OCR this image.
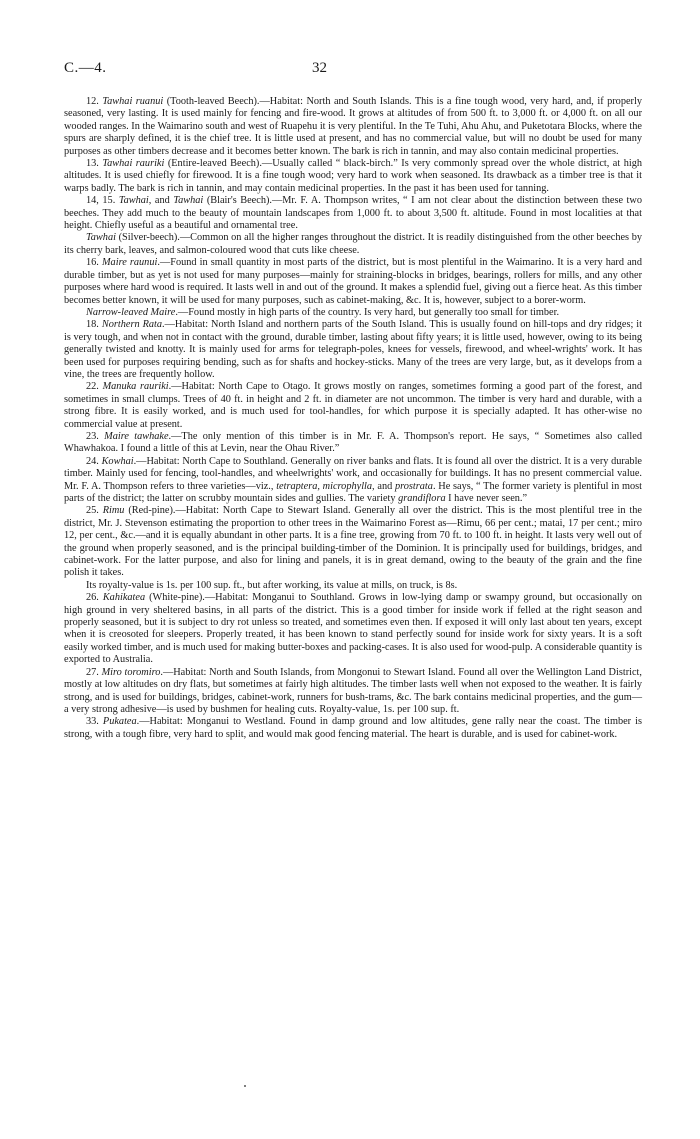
C.—4.	32

12. Tawhai ruanui (Tooth-leaved Beech).—Habitat: North and South Islands. This is a fine tough wood, very hard, and, if properly seasoned, very lasting. It is used mainly for fencing and fire-wood. It grows at altitudes of from 500 ft. to 3,000 ft. or 4,000 ft. on all our wooded ranges. In the Waimarino south and west of Ruapehu it is very plentiful. In the Te Tuhi, Ahu Ahu, and Puketotara Blocks, where the spurs are sharply defined, it is the chief tree. It is little used at present, and has no commercial value, but will no doubt be used for many purposes as other timbers decrease and it becomes better known. The bark is rich in tannin, and may also contain medicinal properties.

13. Tawhai rauriki (Entire-leaved Beech).—Usually called “ black-birch.” Is very commonly spread over the whole district, at high altitudes. It is used chiefly for firewood. It is a fine tough wood; very hard to work when seasoned. Its drawback as a timber tree is that it warps badly. The bark is rich in tannin, and may contain medicinal properties. In the past it has been used for tanning.

14, 15. Tawhai, and Tawhai (Blair's Beech).—Mr. F. A. Thompson writes, “ I am not clear about the distinction between these two beeches. They add much to the beauty of mountain landscapes from 1,000 ft. to about 3,500 ft. altitude. Found in most localities at that height. Chiefly useful as a beautiful and ornamental tree.

Tawhai (Silver-beech).—Common on all the higher ranges throughout the district. It is readily distinguished from the other beeches by its cherry bark, leaves, and salmon-coloured wood that cuts like cheese.

16. Maire raunui.—Found in small quantity in most parts of the district, but is most plentiful in the Waimarino. It is a very hard and durable timber, but as yet is not used for many purposes—mainly for straining-blocks in bridges, bearings, rollers for mills, and any other purposes where hard wood is required. It lasts well in and out of the ground. It makes a splendid fuel, giving out a fierce heat. As this timber becomes better known, it will be used for many purposes, such as cabinet-making, &c. It is, however, subject to a borer-worm.

Narrow-leaved Maire.—Found mostly in high parts of the country. Is very hard, but generally too small for timber.

18. Northern Rata.—Habitat: North Island and northern parts of the South Island. This is usually found on hill-tops and dry ridges; it is very tough, and when not in contact with the ground, durable timber, lasting about fifty years; it is little used, however, owing to its being generally twisted and knotty. It is mainly used for arms for telegraph-poles, knees for vessels, firewood, and wheel-wrights' work. It has been used for purposes requiring bending, such as for shafts and hockey-sticks. Many of the trees are very large, but, as it develops from a vine, the trees are frequently hollow.

22. Manuka rauriki.—Habitat: North Cape to Otago. It grows mostly on ranges, sometimes forming a good part of the forest, and sometimes in small clumps. Trees of 40 ft. in height and 2 ft. in diameter are not uncommon. The timber is very hard and durable, with a strong fibre. It is easily worked, and is much used for tool-handles, for which purpose it is specially adapted. It has other-wise no commercial value at present.

23. Maire tawhake.—The only mention of this timber is in Mr. F. A. Thompson's report. He says, “ Sometimes also called Whawhakoa. I found a little of this at Levin, near the Ohau River.”

24. Kowhai.—Habitat: North Cape to Southland. Generally on river banks and flats. It is found all over the district. It is a very durable timber. Mainly used for fencing, tool-handles, and wheelwrights' work, and occasionally for buildings. It has no present commercial value. Mr. F. A. Thompson refers to three varieties—viz., tetraptera, microphylla, and prostrata. He says, “ The former variety is plentiful in most parts of the district; the latter on scrubby mountain sides and gullies. The variety grandiflora I have never seen.”

25. Rimu (Red-pine).—Habitat: North Cape to Stewart Island. Generally all over the district. This is the most plentiful tree in the district, Mr. J. Stevenson estimating the proportion to other trees in the Waimarino Forest as—Rimu, 66 per cent.; matai, 17 per cent.; miro 12, per cent., &c.—and it is equally abundant in other parts. It is a fine tree, growing from 70 ft. to 100 ft. in height. It lasts very well out of the ground when properly seasoned, and is the principal building-timber of the Dominion. It is principally used for buildings, bridges, and cabinet-work. For the latter purpose, and also for lining and panels, it is in great demand, owing to the beauty of the grain and the fine polish it takes.

Its royalty-value is 1s. per 100 sup. ft., but after working, its value at mills, on truck, is 8s.

26. Kahikatea (White-pine).—Habitat: Monganui to Southland. Grows in low-lying damp or swampy ground, but occasionally on high ground in very sheltered basins, in all parts of the district. This is a good timber for inside work if felled at the right season and properly seasoned, but it is subject to dry rot unless so treated, and sometimes even then. If exposed it will only last about ten years, except when it is creosoted for sleepers. Properly treated, it has been known to stand perfectly sound for inside work for sixty years. It is a soft easily worked timber, and is much used for making butter-boxes and packing-cases. It is also used for wood-pulp. A considerable quantity is exported to Australia.

27. Miro toromiro.—Habitat: North and South Islands, from Mongonui to Stewart Island. Found all over the Wellington Land District, mostly at low altitudes on dry flats, but sometimes at fairly high altitudes. The timber lasts well when not exposed to the weather. It is fairly strong, and is used for buildings, bridges, cabinet-work, runners for bush-trams, &c. The bark contains medicinal properties, and the gum—a very strong adhesive—is used by bushmen for healing cuts. Royalty-value, 1s. per 100 sup. ft.

33. Pukatea.—Habitat: Monganui to Westland. Found in damp ground and low altitudes, gene rally near the coast. The timber is strong, with a tough fibre, very hard to split, and would mak good fencing material. The heart is durable, and is used for cabinet-work.
